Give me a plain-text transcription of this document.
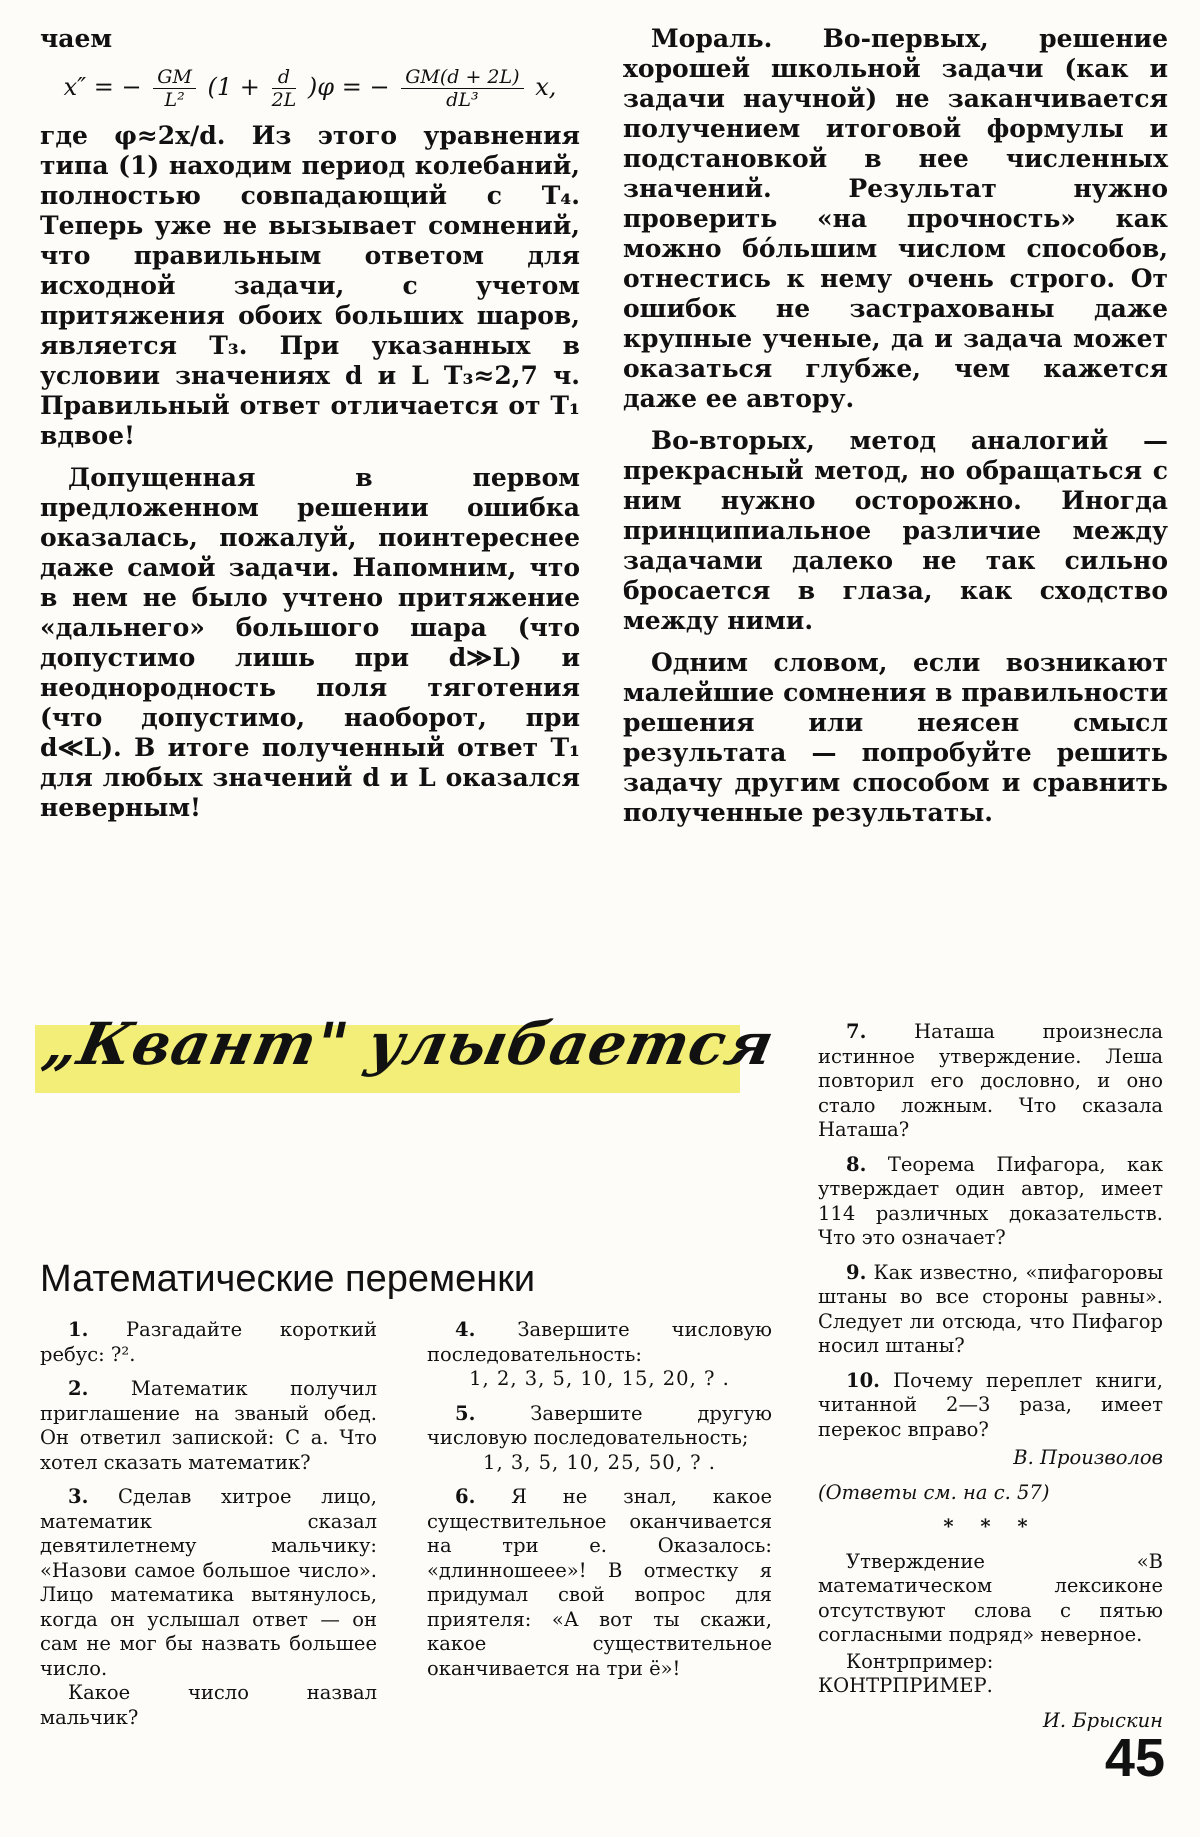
чаем

x″ = − $\frac{GM}{\text{L²}} (1 + \frac{d}{2L} )\varphi$ = − $\frac{GM(d + 2L)}{\text{dL³}} x$,

где φ≈2x/d. Из этого уравнения типа (1) находим период колебаний, полностью совпадающий с T₄. Теперь уже не вызывает сомнений, что правильным ответом для исходной задачи, с учетом притяжения обоих больших шаров, является T₃. При указанных в условии значениях d и L T₃≈2,7 ч. Правильный ответ отличается от T₁ вдвое!

Допущенная в первом предложенном решении ошибка оказалась, пожалуй, поинтереснее даже самой задачи. Напомним, что в нем не было учтено притяжение «дальнего» большого шара (что допустимо лишь при d≫L) и неоднородность поля тяготения (что допустимо, наоборот, при d≪L). В итоге полученный ответ T₁ для любых значений d и L оказался неверным!

Мораль. Во-первых, решение хорошей школьной задачи (как и задачи научной) не заканчивается получением итоговой формулы и подстановкой в нее численных значений. Результат нужно проверить «на прочность» как можно бо́льшим числом способов, отнестись к нему очень строго. От ошибок не застрахованы даже крупные ученые, да и задача может оказаться глубже, чем кажется даже ее автору.

Во-вторых, метод аналогий — прекрасный метод, но обращаться с ним нужно осторожно. Иногда принципиальное различие между задачами далеко не так сильно бросается в глаза, как сходство между ними.

Одним словом, если возникают малейшие сомнения в правильности решения или неясен смысл результата — попробуйте решить задачу другим способом и сравнить полученные результаты.

„Квант" улыбается
Математические переменки

1. Разгадайте короткий ребус: ?².

2. Математик получил приглашение на званый обед. Он ответил запиской: С а. Что хотел сказать математик?

3. Сделав хитрое лицо, математик сказал девятилетнему мальчику: «Назови самое большое число». Лицо математика вытянулось, когда он услышал ответ — он сам не мог бы назвать большее число.

Какое число назвал мальчик?

4. Завершите числовую последовательность:

1, 2, 3, 5, 10, 15, 20, ? .

5.	Завершите другую числовую последовательность;

1, 3, 5, 10, 25, 50, ? .

6. Я не знал, какое существительное оканчивается на три е. Оказалось: «длинношеее»! В отместку я придумал свой вопрос для приятеля: «А вот ты скажи, какое существительное оканчивается на три ё»!

7. Наташа произнесла истинное утверждение. Леша повторил его дословно, и оно стало ложным. Что сказала Наташа?

8. Теорема Пифагора, как утверждает один автор, имеет 114 различных доказательств. Что это означает?

9. Как известно, «пифагоровы штаны во все стороны равны». Следует ли отсюда, что Пифагор носил штаны?

10. Почему переплет книги, читанной 2—3 раза, имеет перекос вправо?

В. Произволов

(Ответы см. на с. 57)

* * *

Утверждение «В математическом лексиконе отсутствуют слова с пятью согласными подряд» неверное.

Контрпример: КОНТРПРИМЕР.

И. Брыскин

45
